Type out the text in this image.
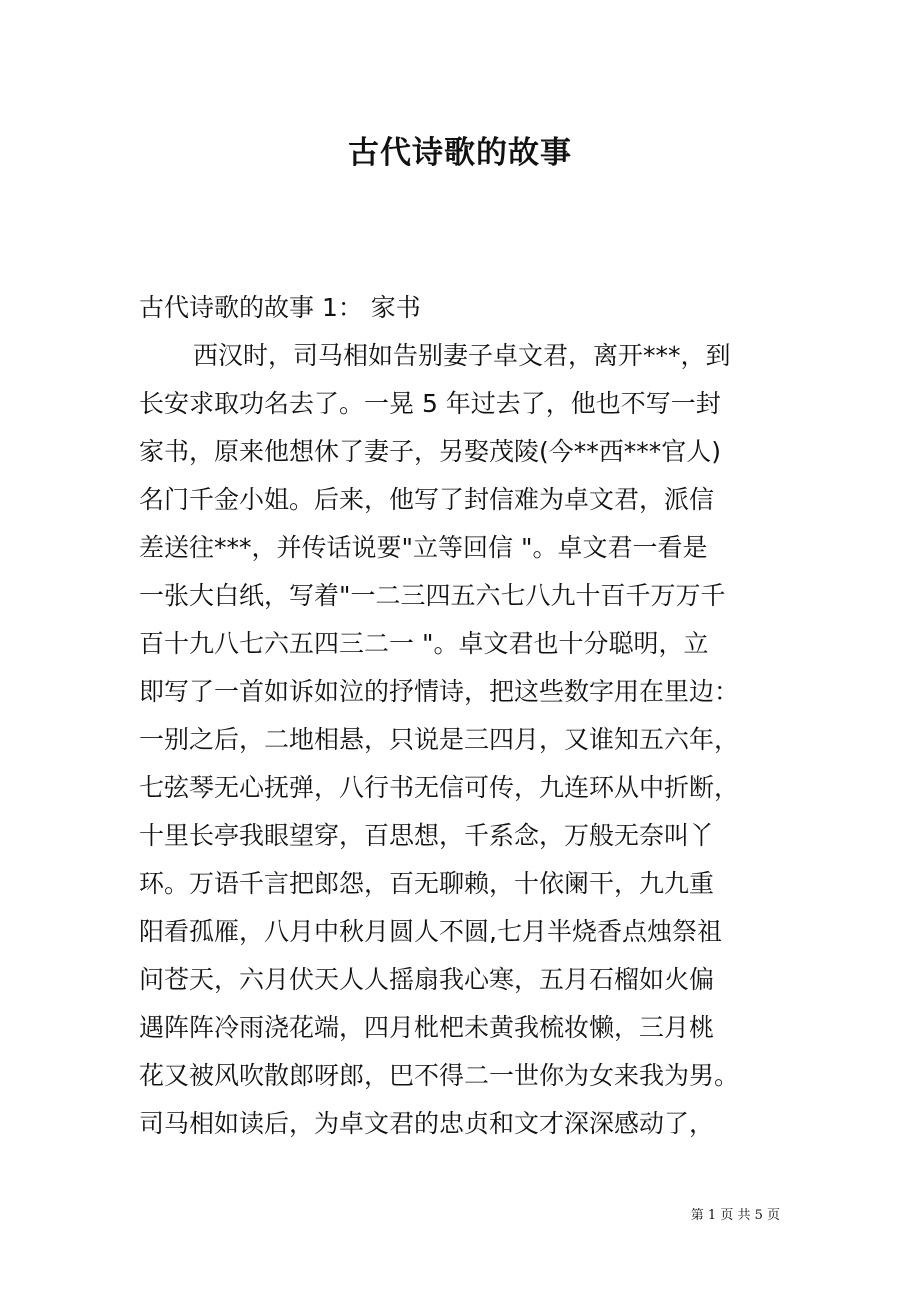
古代诗歌的故事
古代诗歌的故事 1： 家书
西汉时，司马相如告别妻子卓文君，离开***，到
长安求取功名去了。一晃 5 年过去了，他也不写一封
家书，原来他想休了妻子，另娶茂陵(今**西***官人)
名门千金小姐。后来，他写了封信难为卓文君，派信
差送往***，并传话说要"立等回信 "。卓文君一看是
一张大白纸，写着"一二三四五六七八九十百千万万千
百十九八七六五四三二一 "。卓文君也十分聪明，立
即写了一首如诉如泣的抒情诗，把这些数字用在里边：
一别之后，二地相悬，只说是三四月，又谁知五六年，
七弦琴无心抚弹，八行书无信可传，九连环从中折断，
十里长亭我眼望穿，百思想，千系念，万般无奈叫丫
环。万语千言把郎怨，百无聊赖，十依阑干，九九重
阳看孤雁，八月中秋月圆人不圆,七月半烧香点烛祭祖
问苍天，六月伏天人人摇扇我心寒，五月石榴如火偏
遇阵阵冷雨浇花端，四月枇杷未黄我梳妆懒，三月桃
花又被风吹散郎呀郎，巴不得二一世你为女来我为男。
司马相如读后，为卓文君的忠贞和文才深深感动了，
第 1 页 共 5 页
